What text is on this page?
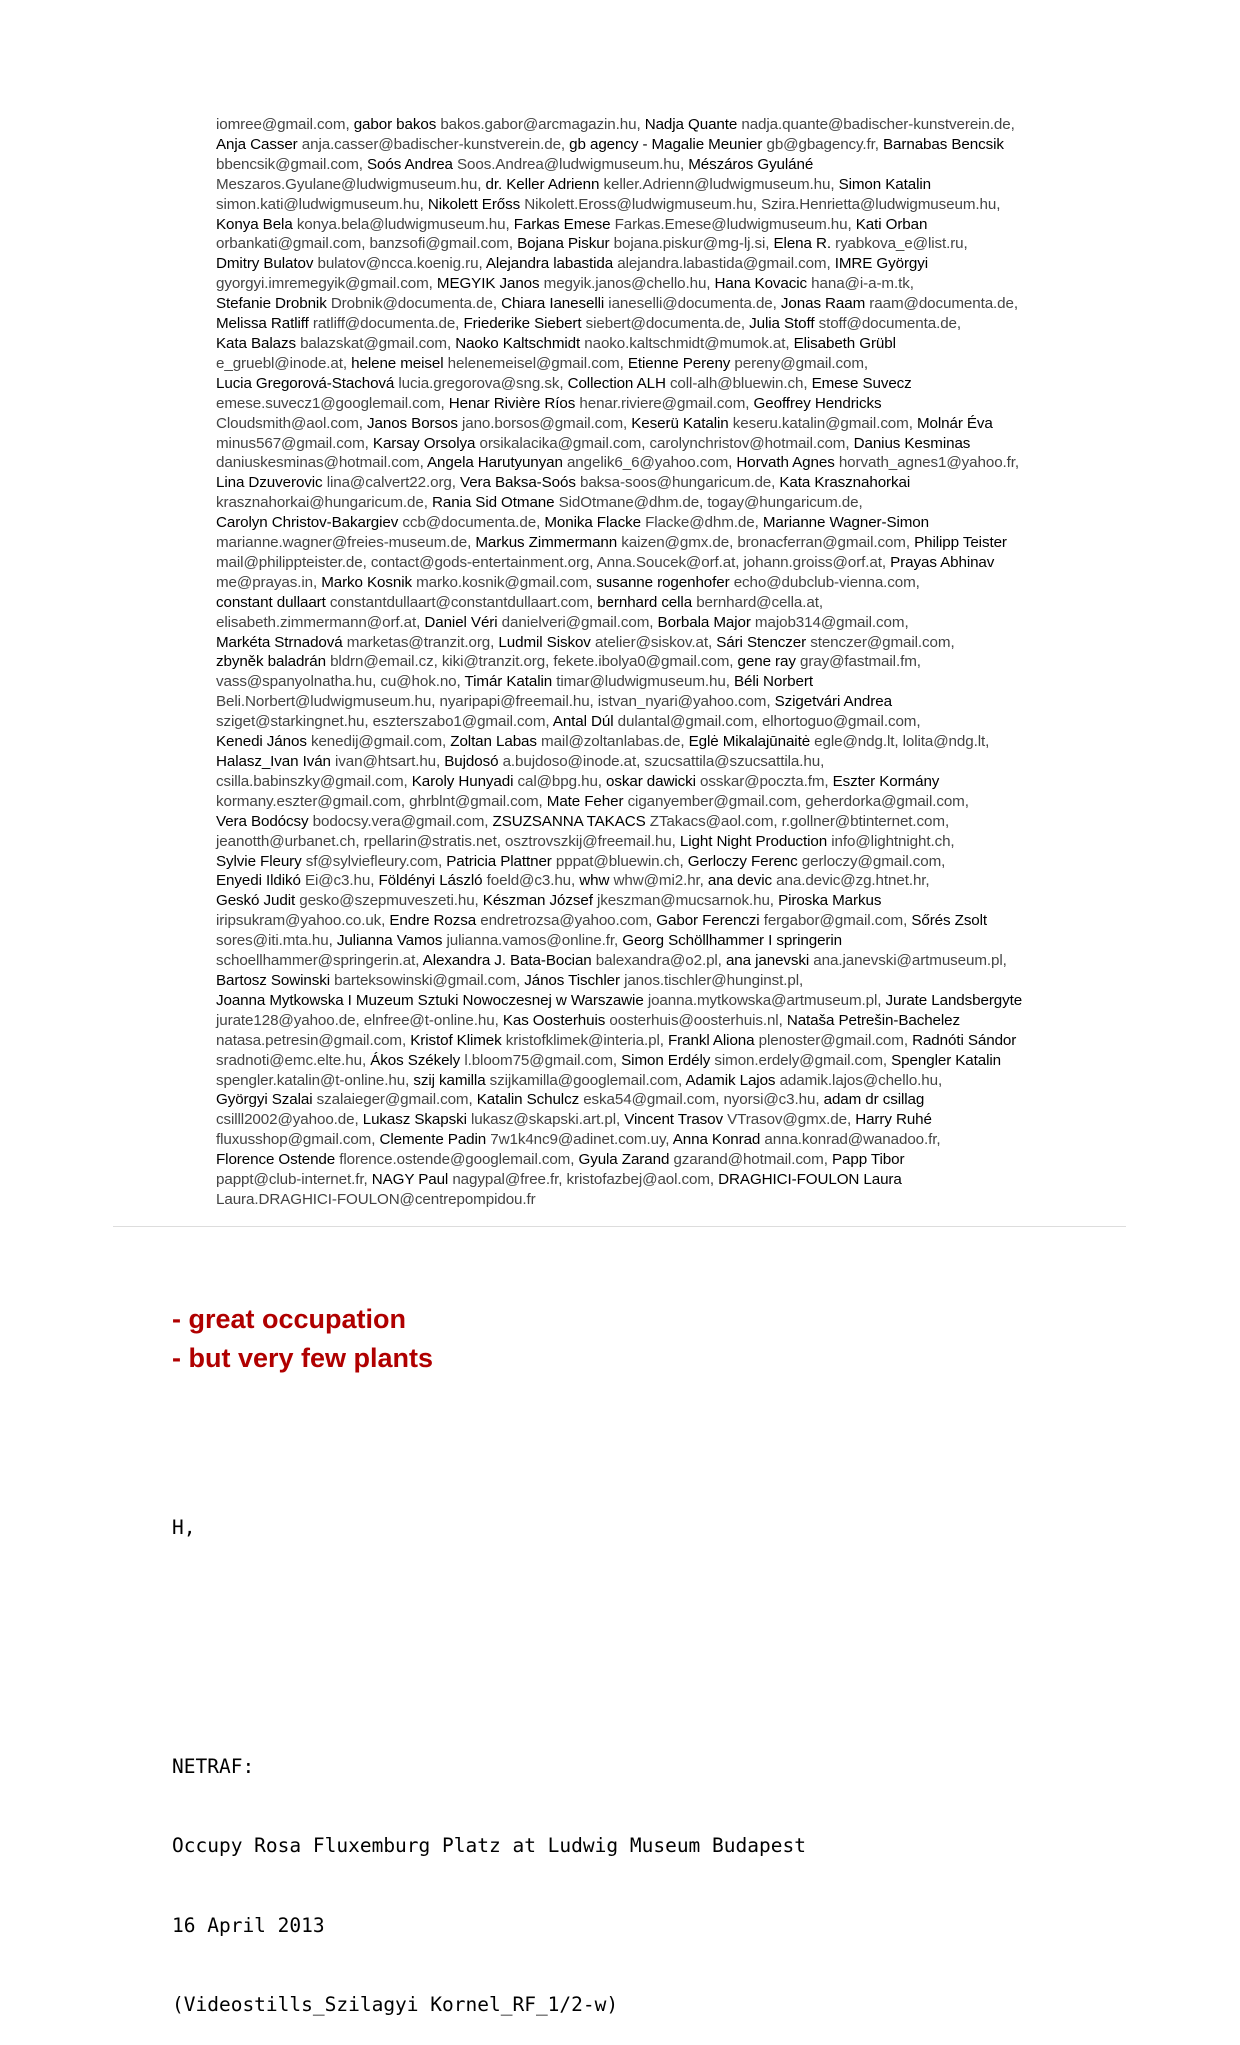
iomree@gmail.com, gabor bakos bakos.gabor@arcmagazin.hu, Nadja Quante nadja.quante@badischer-kunstverein.de,
Anja Casser anja.casser@badischer-kunstverein.de, gb agency - Magalie Meunier gb@gbagency.fr, Barnabas Bencsik
bbencsik@gmail.com, Soós Andrea Soos.Andrea@ludwigmuseum.hu, Mészáros Gyuláné
Meszaros.Gyulane@ludwigmuseum.hu, dr. Keller Adrienn keller.Adrienn@ludwigmuseum.hu, Simon Katalin
simon.kati@ludwigmuseum.hu, Nikolett Erőss Nikolett.Eross@ludwigmuseum.hu, Szira.Henrietta@ludwigmuseum.hu,
Konya Bela konya.bela@ludwigmuseum.hu, Farkas Emese Farkas.Emese@ludwigmuseum.hu, Kati Orban
orbankati@gmail.com, banzsofi@gmail.com, Bojana Piskur bojana.piskur@mg-lj.si, Elena R. ryabkova_e@list.ru,
Dmitry Bulatov bulatov@ncca.koenig.ru, Alejandra labastida alejandra.labastida@gmail.com, IMRE Györgyi
gyorgyi.imremegyik@gmail.com, MEGYIK Janos megyik.janos@chello.hu, Hana Kovacic hana@i-a-m.tk,
Stefanie Drobnik Drobnik@documenta.de, Chiara Ianeselli ianeselli@documenta.de, Jonas Raam raam@documenta.de,
Melissa Ratliff ratliff@documenta.de, Friederike Siebert siebert@documenta.de, Julia Stoff stoff@documenta.de,
Kata Balazs balazskat@gmail.com, Naoko Kaltschmidt naoko.kaltschmidt@mumok.at, Elisabeth Grübl
e_gruebl@inode.at, helene meisel helenemeisel@gmail.com, Etienne Pereny pereny@gmail.com,
Lucia Gregorová-Stachová lucia.gregorova@sng.sk, Collection ALH coll-alh@bluewin.ch, Emese Suvecz
emese.suvecz1@googlemail.com, Henar Rivière Ríos henar.riviere@gmail.com, Geoffrey Hendricks
Cloudsmith@aol.com, Janos Borsos jano.borsos@gmail.com, Keserü Katalin keseru.katalin@gmail.com, Molnár Éva
minus567@gmail.com, Karsay Orsolya orsikalacika@gmail.com, carolynchristov@hotmail.com, Danius Kesminas
daniuskesminas@hotmail.com, Angela Harutyunyan angelik6_6@yahoo.com, Horvath Agnes horvath_agnes1@yahoo.fr,
Lina Dzuverovic lina@calvert22.org, Vera Baksa-Soós baksa-soos@hungaricum.de, Kata Krasznahorkai
krasznahorkai@hungaricum.de, Rania Sid Otmane SidOtmane@dhm.de, togay@hungaricum.de,
Carolyn Christov-Bakargiev ccb@documenta.de, Monika Flacke Flacke@dhm.de, Marianne Wagner-Simon
marianne.wagner@freies-museum.de, Markus Zimmermann kaizen@gmx.de, bronacferran@gmail.com, Philipp Teister
mail@philippteister.de, contact@gods-entertainment.org, Anna.Soucek@orf.at, johann.groiss@orf.at, Prayas Abhinav
me@prayas.in, Marko Kosnik marko.kosnik@gmail.com, susanne rogenhofer echo@dubclub-vienna.com,
constant dullaart constantdullaart@constantdullaart.com, bernhard cella bernhard@cella.at,
elisabeth.zimmermann@orf.at, Daniel Véri danielveri@gmail.com, Borbala Major majob314@gmail.com,
Markéta Strnadová marketas@tranzit.org, Ludmil Siskov atelier@siskov.at, Sári Stenczer stenczer@gmail.com,
zbyněk baladrán bldrn@email.cz, kiki@tranzit.org, fekete.ibolya0@gmail.com, gene ray gray@fastmail.fm,
vass@spanyolnatha.hu, cu@hok.no, Timár Katalin timar@ludwigmuseum.hu, Béli Norbert
Beli.Norbert@ludwigmuseum.hu, nyaripapi@freemail.hu, istvan_nyari@yahoo.com, Szigetvári Andrea
sziget@starkingnet.hu, eszterszabo1@gmail.com, Antal Dúl dulantal@gmail.com, elhortoguo@gmail.com,
Kenedi János kenedij@gmail.com, Zoltan Labas mail@zoltanlabas.de, Eglė Mikalajūnaitė egle@ndg.lt, lolita@ndg.lt,
Halasz_Ivan Iván ivan@htsart.hu, Bujdosó a.bujdoso@inode.at, szucsattila@szucsattila.hu,
csilla.babinszky@gmail.com, Karoly Hunyadi cal@bpg.hu, oskar dawicki osskar@poczta.fm, Eszter Kormány
kormany.eszter@gmail.com, ghrblnt@gmail.com, Mate Feher ciganyember@gmail.com, geherdorka@gmail.com,
Vera Bodócsy bodocsy.vera@gmail.com, ZSUZSANNA TAKACS ZTakacs@aol.com, r.gollner@btinternet.com,
jeanotth@urbanet.ch, rpellarin@stratis.net, osztrovszkij@freemail.hu, Light Night Production info@lightnight.ch,
Sylvie Fleury sf@sylviefleury.com, Patricia Plattner pppat@bluewin.ch, Gerloczy Ferenc gerloczy@gmail.com,
Enyedi Ildikó Ei@c3.hu, Földényi László foeld@c3.hu, whw whw@mi2.hr, ana devic ana.devic@zg.htnet.hr,
Geskó Judit gesko@szepmuveszeti.hu, Készman József jkeszman@mucsarnok.hu, Piroska Markus
iripsukram@yahoo.co.uk, Endre Rozsa endretrozsa@yahoo.com, Gabor Ferenczi fergabor@gmail.com, Sőrés Zsolt
sores@iti.mta.hu, Julianna Vamos julianna.vamos@online.fr, Georg Schöllhammer I springerin
schoellhammer@springerin.at, Alexandra J. Bata-Bocian balexandra@o2.pl, ana janevski ana.janevski@artmuseum.pl,
Bartosz Sowinski barteksowinski@gmail.com, János Tischler janos.tischler@hunginst.pl,
Joanna Mytkowska I Muzeum Sztuki Nowoczesnej w Warszawie joanna.mytkowska@artmuseum.pl, Jurate Landsbergyte
jurate128@yahoo.de, elnfree@t-online.hu, Kas Oosterhuis oosterhuis@oosterhuis.nl, Nataša Petrešin-Bachelez
natasa.petresin@gmail.com, Kristof Klimek kristofklimek@interia.pl, Frankl Aliona plenoster@gmail.com, Radnóti Sándor
sradnoti@emc.elte.hu, Ákos Székely l.bloom75@gmail.com, Simon Erdély simon.erdely@gmail.com, Spengler Katalin
spengler.katalin@t-online.hu, szij kamilla szijkamilla@googlemail.com, Adamik Lajos adamik.lajos@chello.hu,
Györgyi Szalai szalaieger@gmail.com, Katalin Schulcz eska54@gmail.com, nyorsi@c3.hu, adam dr csillag
csilll2002@yahoo.de, Lukasz Skapski lukasz@skapski.art.pl, Vincent Trasov VTrasov@gmx.de, Harry Ruhé
fluxusshop@gmail.com, Clemente Padin 7w1k4nc9@adinet.com.uy, Anna Konrad anna.konrad@wanadoo.fr,
Florence Ostende florence.ostende@googlemail.com, Gyula Zarand gzarand@hotmail.com, Papp Tibor
pappt@club-internet.fr, NAGY Paul nagypal@free.fr, kristofazbej@aol.com, DRAGHICI-FOULON Laura
Laura.DRAGHICI-FOULON@centrepompidou.fr
- great occupation
- but very few plants

H,

NETRAF:

Occupy Rosa Fluxemburg Platz at Ludwig Museum Budapest

16 April 2013

(Videostills_Szilagyi Kornel_RF_1/2-w)
